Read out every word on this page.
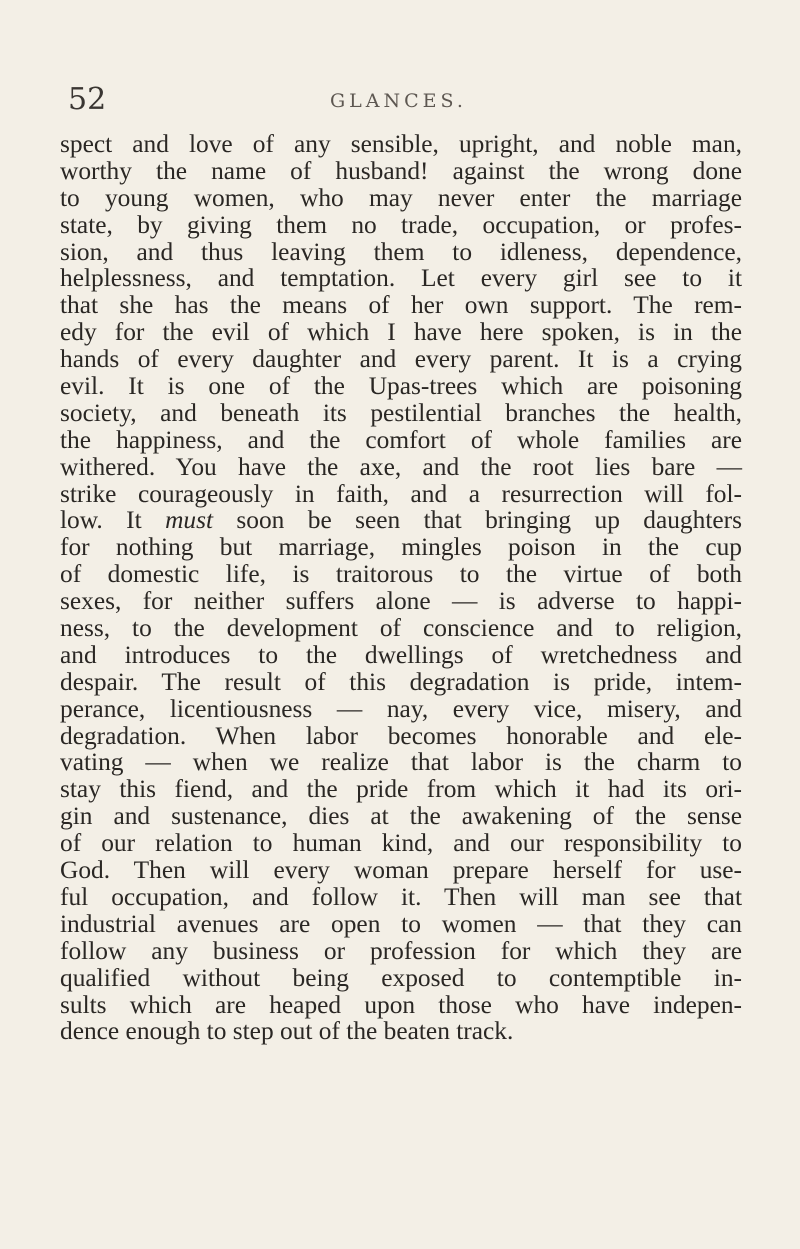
52	GLANCES.
spect and love of any sensible, upright, and noble man,
worthy the name of husband! against the wrong done
to young women, who may never enter the marriage
state, by giving them no trade, occupation, or profes-
sion, and thus leaving them to idleness, dependence,
helplessness, and temptation. Let every girl see to it
that she has the means of her own support. The rem-
edy for the evil of which I have here spoken, is in the
hands of every daughter and every parent. It is a crying
evil. It is one of the Upas-trees which are poisoning
society, and beneath its pestilential branches the health,
the happiness, and the comfort of whole families are
withered. You have the axe, and the root lies bare —
strike courageously in faith, and a resurrection will fol-
low. It must soon be seen that bringing up daughters
for nothing but marriage, mingles poison in the cup
of domestic life, is traitorous to the virtue of both
sexes, for neither suffers alone — is adverse to happi-
ness, to the development of conscience and to religion,
and introduces to the dwellings of wretchedness and
despair. The result of this degradation is pride, intem-
perance, licentiousness — nay, every vice, misery, and
degradation. When labor becomes honorable and ele-
vating — when we realize that labor is the charm to
stay this fiend, and the pride from which it had its ori-
gin and sustenance, dies at the awakening of the sense
of our relation to human kind, and our responsibility to
God. Then will every woman prepare herself for use-
ful occupation, and follow it. Then will man see that
industrial avenues are open to women — that they can
follow any business or profession for which they are
qualified without being exposed to contemptible in-
sults which are heaped upon those who have indepen-
dence enough to step out of the beaten track.
